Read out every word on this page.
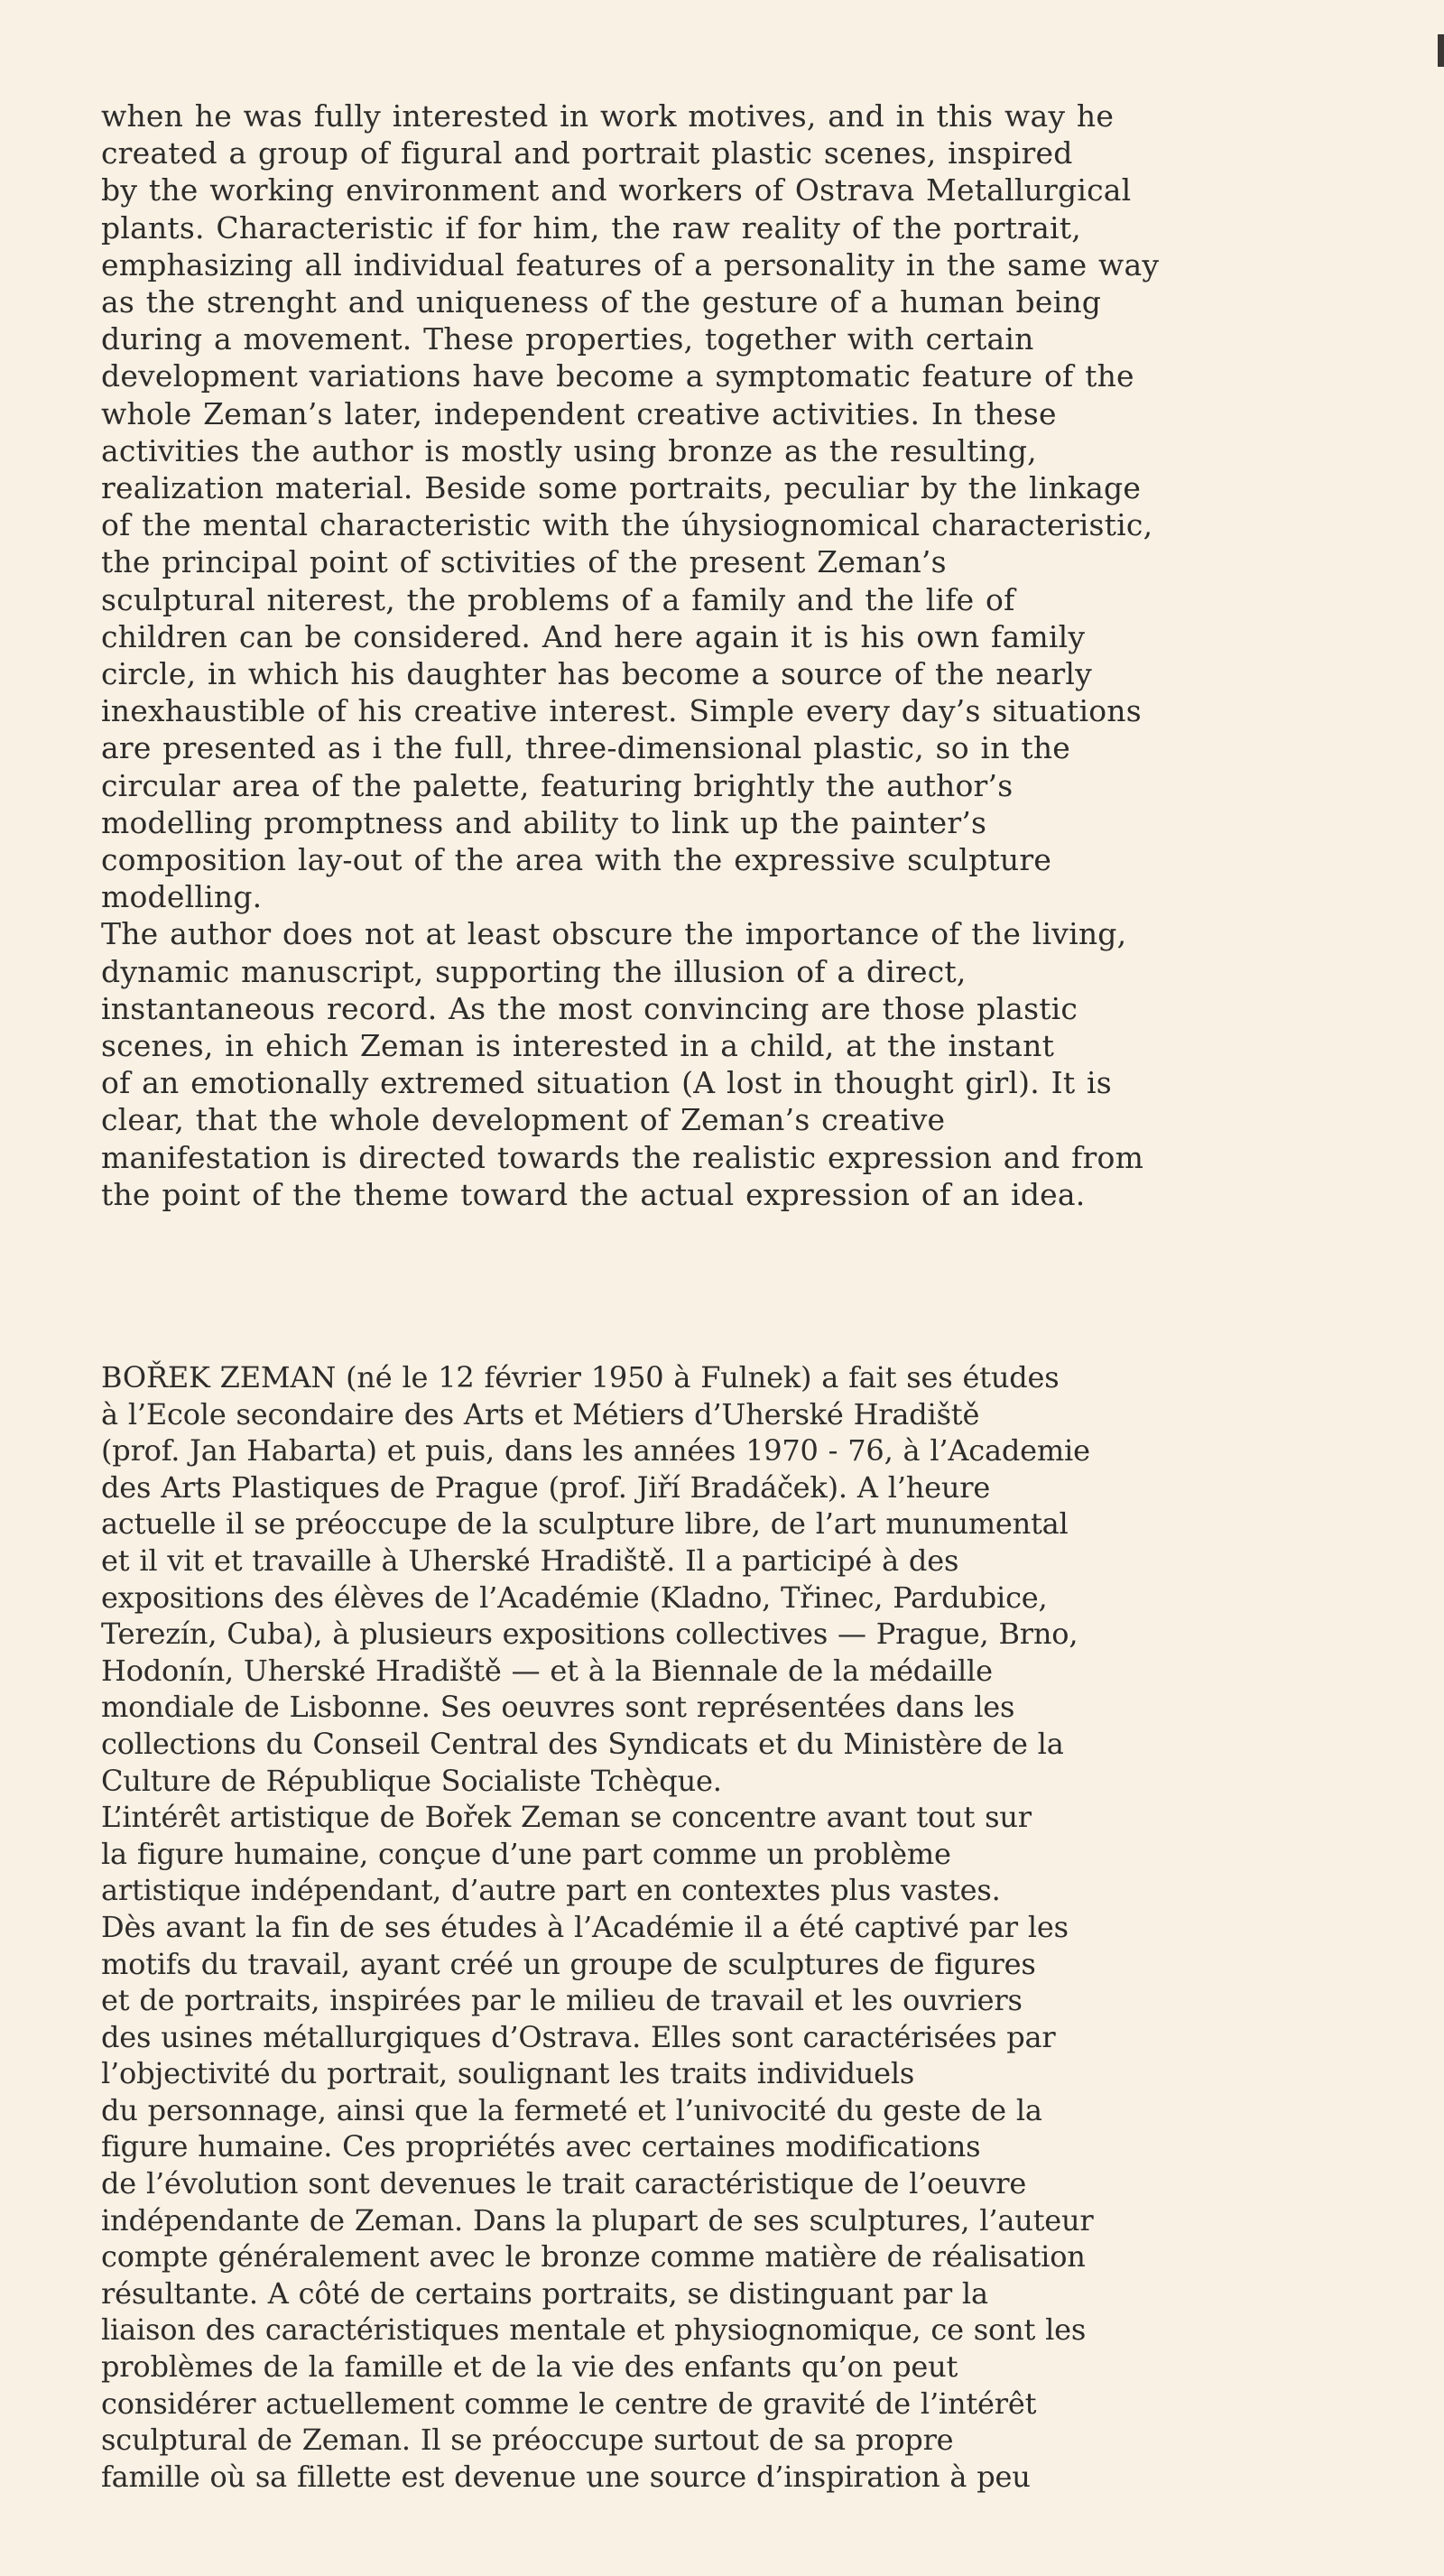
when he was fully interested in work motives, and in this way he
created a group of figural and portrait plastic scenes, inspired
by the working environment and workers of Ostrava Metallurgical
plants. Characteristic if for him, the raw reality of the portrait,
emphasizing all individual features of a personality in the same way
as the strenght and uniqueness of the gesture of a human being
during a movement. These properties, together with certain
development variations have become a symptomatic feature of the
whole Zeman’s later, independent creative activities. In these
activities the author is mostly using bronze as the resulting,
realization material. Beside some portraits, peculiar by the linkage
of the mental characteristic with the úhysiognomical characteristic,
the principal point of sctivities of the present Zeman’s
sculptural niterest, the problems of a family and the life of
children can be considered. And here again it is his own family
circle, in which his daughter has become a source of the nearly
inexhaustible of his creative interest. Simple every day’s situations
are presented as i the full, three-dimensional plastic, so in the
circular area of the palette, featuring brightly the author’s
modelling promptness and ability to link up the painter’s
composition lay-out of the area with the expressive sculpture
modelling.
The author does not at least obscure the importance of the living,
dynamic manuscript, supporting the illusion of a direct,
instantaneous record. As the most convincing are those plastic
scenes, in ehich Zeman is interested in a child, at the instant
of an emotionally extremed situation (A lost in thought girl). It is
clear, that the whole development of Zeman’s creative
manifestation is directed towards the realistic expression and from
the point of the theme toward the actual expression of an idea.
BOŘEK ZEMAN (né le 12 février 1950 à Fulnek) a fait ses études
à l’Ecole secondaire des Arts et Métiers d’Uherské Hradiště
(prof. Jan Habarta) et puis, dans les années 1970 - 76, à l’Academie
des Arts Plastiques de Prague (prof. Jiří Bradáček). A l’heure
actuelle il se préoccupe de la sculpture libre, de l’art munumental
et il vit et travaille à Uherské Hradiště. Il a participé à des
expositions des élèves de l’Académie (Kladno, Třinec, Pardubice,
Terezín, Cuba), à plusieurs expositions collectives — Prague, Brno,
Hodonín, Uherské Hradiště — et à la Biennale de la médaille
mondiale de Lisbonne. Ses oeuvres sont représentées dans les
collections du Conseil Central des Syndicats et du Ministère de la
Culture de République Socialiste Tchèque.
L’intérêt artistique de Bořek Zeman se concentre avant tout sur
la figure humaine, conçue d’une part comme un problème
artistique indépendant, d’autre part en contextes plus vastes.
Dès avant la fin de ses études à l’Académie il a été captivé par les
motifs du travail, ayant créé un groupe de sculptures de figures
et de portraits, inspirées par le milieu de travail et les ouvriers
des usines métallurgiques d’Ostrava. Elles sont caractérisées par
l’objectivité du portrait, soulignant les traits individuels
du personnage, ainsi que la fermeté et l’univocité du geste de la
figure humaine. Ces propriétés avec certaines modifications
de l’évolution sont devenues le trait caractéristique de l’oeuvre
indépendante de Zeman. Dans la plupart de ses sculptures, l’auteur
compte généralement avec le bronze comme matière de réalisation
résultante. A côté de certains portraits, se distinguant par la
liaison des caractéristiques mentale et physiognomique, ce sont les
problèmes de la famille et de la vie des enfants qu’on peut
considérer actuellement comme le centre de gravité de l’intérêt
sculptural de Zeman. Il se préoccupe surtout de sa propre
famille où sa fillette est devenue une source d’inspiration à peu
